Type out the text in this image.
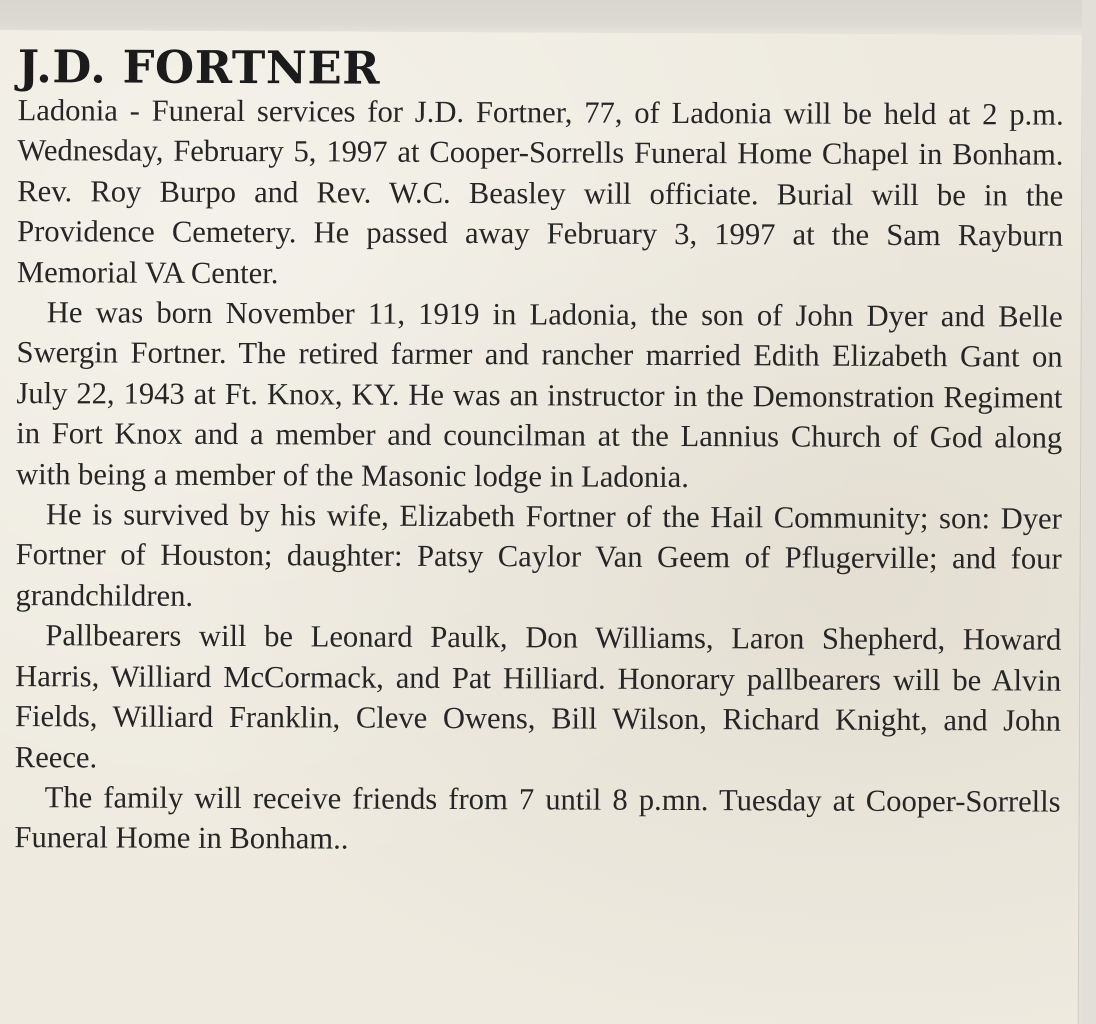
J.D. FORTNER

Ladonia - Funeral services for J.D. Fortner, 77, of Ladonia will be held at 2 p.m. Wednesday, February 5, 1997 at Cooper-Sorrells Funeral Home Chapel in Bonham. Rev. Roy Burpo and Rev. W.C. Beasley will officiate. Burial will be in the Providence Cemetery. He passed away February 3, 1997 at the Sam Rayburn Memorial VA Center.

He was born November 11, 1919 in Ladonia, the son of John Dyer and Belle Swergin Fortner. The retired farmer and rancher married Edith Elizabeth Gant on July 22, 1943 at Ft. Knox, KY. He was an instructor in the Demonstration Regiment in Fort Knox and a member and councilman at the Lannius Church of God along with being a member of the Masonic lodge in Ladonia.

He is survived by his wife, Elizabeth Fortner of the Hail Community; son: Dyer Fortner of Houston; daughter: Patsy Caylor Van Geem of Pflugerville; and four grandchildren.

Pallbearers will be Leonard Paulk, Don Williams, Laron Shepherd, Howard Harris, Williard McCormack, and Pat Hilliard. Honorary pallbearers will be Alvin Fields, Williard Franklin, Cleve Owens, Bill Wilson, Richard Knight, and John Reece.

The family will receive friends from 7 until 8 p.mn. Tuesday at Cooper-Sorrells Funeral Home in Bonham..
